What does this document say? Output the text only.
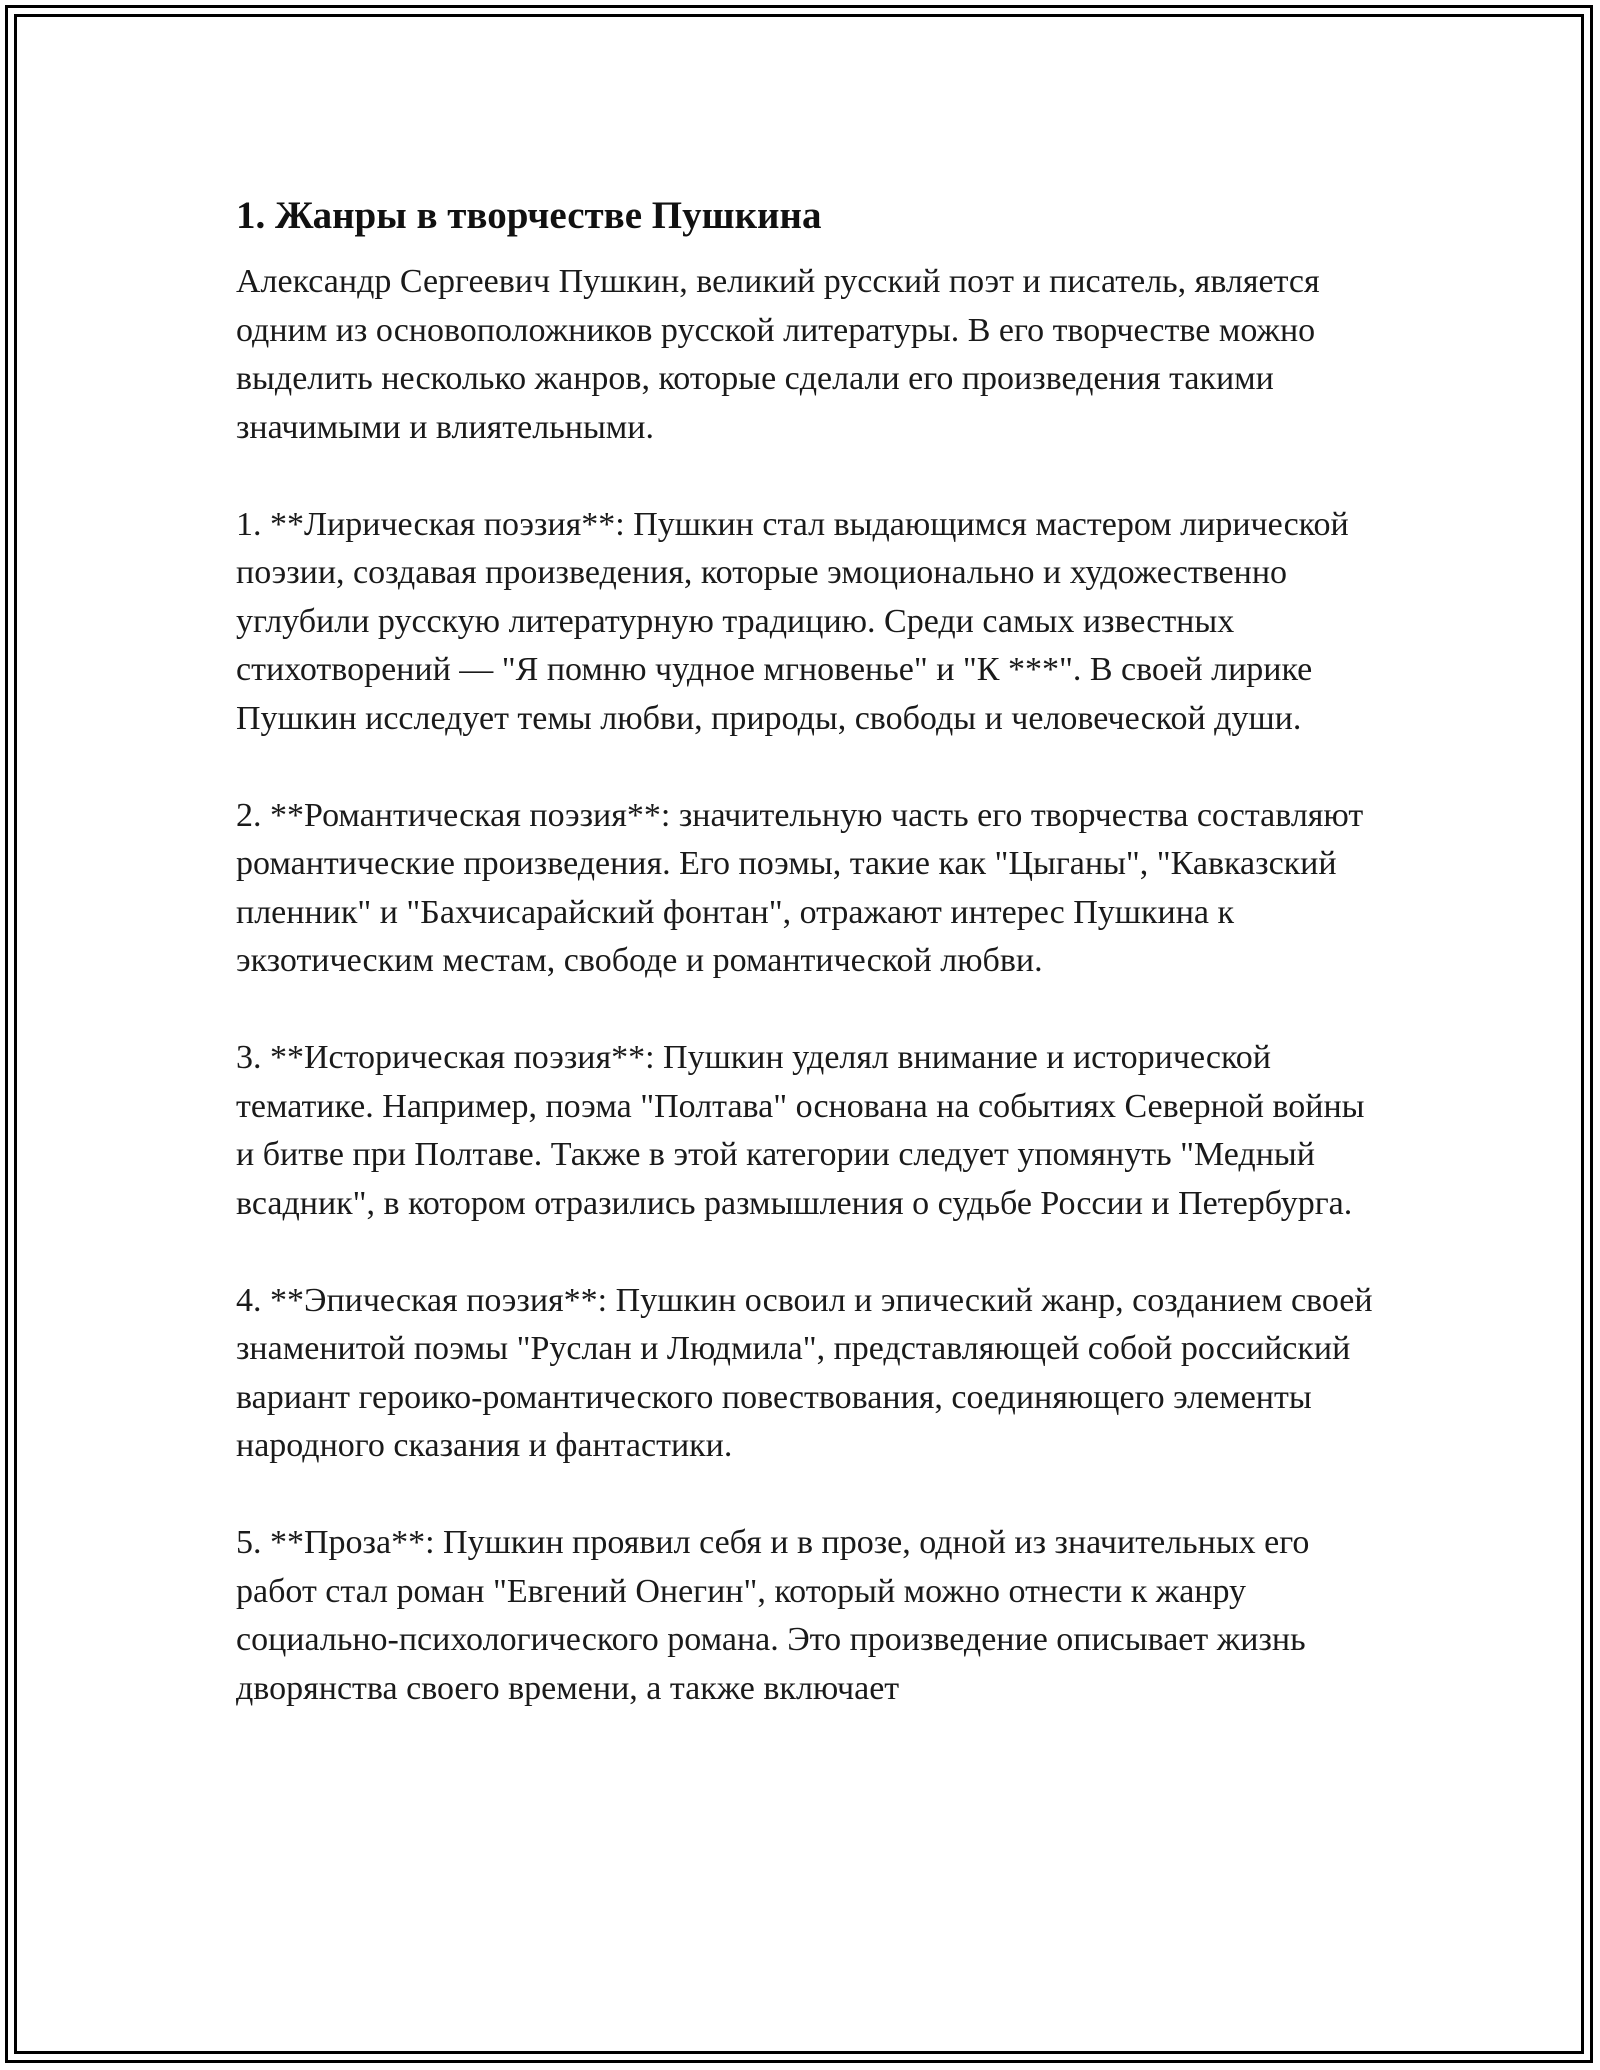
1. Жанры в творчестве Пушкина

Александр Сергеевич Пушкин, великий русский поэт и писатель, является одним из основоположников русской литературы. В его творчестве можно выделить несколько жанров, которые сделали его произведения такими значимыми и влиятельными.

1. **Лирическая поэзия**: Пушкин стал выдающимся мастером лирической поэзии, создавая произведения, которые эмоционально и художественно углубили русскую литературную традицию. Среди самых известных стихотворений — "Я помню чудное мгновенье" и "К ***". В своей лирике Пушкин исследует темы любви, природы, свободы и человеческой души.

2. **Романтическая поэзия**: значительную часть его творчества составляют романтические произведения. Его поэмы, такие как "Цыганы", "Кавказский пленник" и "Бахчисарайский фонтан", отражают интерес Пушкина к экзотическим местам, свободе и романтической любви.

3. **Историческая поэзия**: Пушкин уделял внимание и исторической тематике. Например, поэма "Полтава" основана на событиях Северной войны и битве при Полтаве. Также в этой категории следует упомянуть "Медный всадник", в котором отразились размышления о судьбе России и Петербурга.

4. **Эпическая поэзия**: Пушкин освоил и эпический жанр, созданием своей знаменитой поэмы "Руслан и Людмила", представляющей собой российский вариант героико-романтического повествования, соединяющего элементы народного сказания и фантастики.

5. **Проза**: Пушкин проявил себя и в прозе, одной из значительных его работ стал роман "Евгений Онегин", который можно отнести к жанру социально-психологического романа. Это произведение описывает жизнь дворянства своего времени, а также включает
